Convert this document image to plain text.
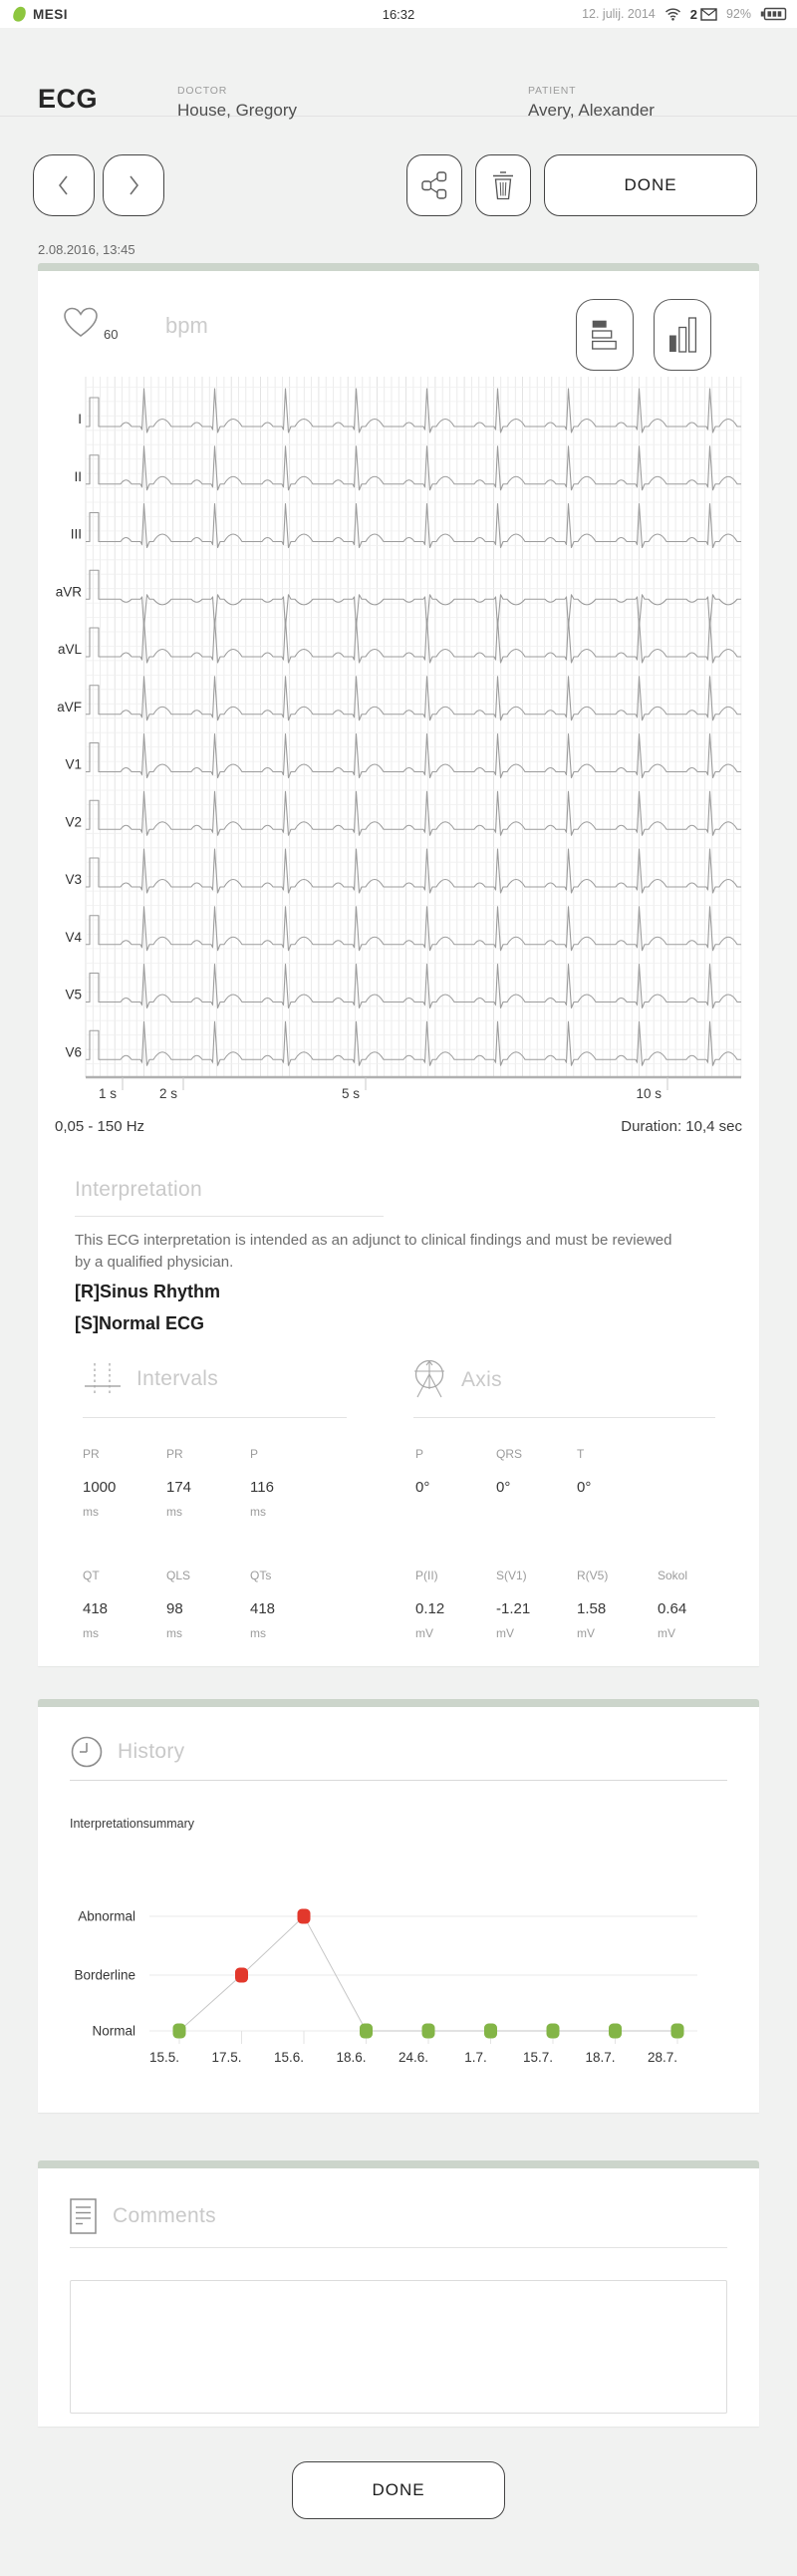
MESI	16:32	12. julij. 2014	2 92%
ECG	DOCTOR
House, Gregory
PATIENT
Avery, Alexander
DONE
2.08.2016, 13:45
60 bpm
I
II
III
aVR
aVL
aVF
V1
V2
V3
V4
V5
V6
1 s	2 s	5 s	10 s
0,05 - 150 Hz	Duration: 10,4 sec
Interpretation
This ECG interpretation is intended as an adjunct to clinical findings and must be reviewed by a qualified physician.
[R]Sinus Rhythm
[S]Normal ECG
Intervals
PR
1000
ms
PR
174
ms
P
116
ms
QT
418
ms
QLS
98
ms
QTs
418
ms
Axis
P
0°
QRS
0°
T
0°
P(II)
0.12
mV
S(V1)
-1.21
mV
R(V5)
1.58
mV
Sokol
0.64
mV
History
Interpretationsummary
Abnormal
Borderline
Normal
15.5. 17.5. 15.6. 18.6. 24.6.	1.7.	15.7. 18.7. 28.7.
Comments
DONE
